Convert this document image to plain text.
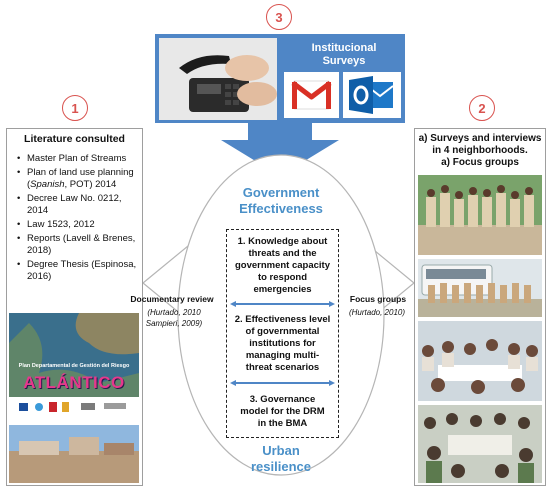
3
1	2
Institucional
Surveys
Literature consulted
• Master Plan of Streams
• Plan of land use planning (Spanish, POT) 2014
• Decree Law No. 0212, 2014
• Law 1523, 2012
• Reports (Lavell & Brenes, 2018)
• Degree Thesis (Espinosa, 2016)
Plan Departamental de Gestión del Riesgo
ATLÁNTICO
a) Surveys and interviews
in 4 neighborhoods.
a) Focus groups
Government
Effectiveness
Urban
resilience
1. Knowledge about
threats and the
government capacity
to respond
emergencies
2. Effectiveness level
of governmental
institutions for
managing multi-
threat scenarios
3. Governance
model for the DRM
in the BMA
Documentary review
(Hurtado, 2010
Sampieri, 2009)
Focus groups
(Hurtado, 2010)
